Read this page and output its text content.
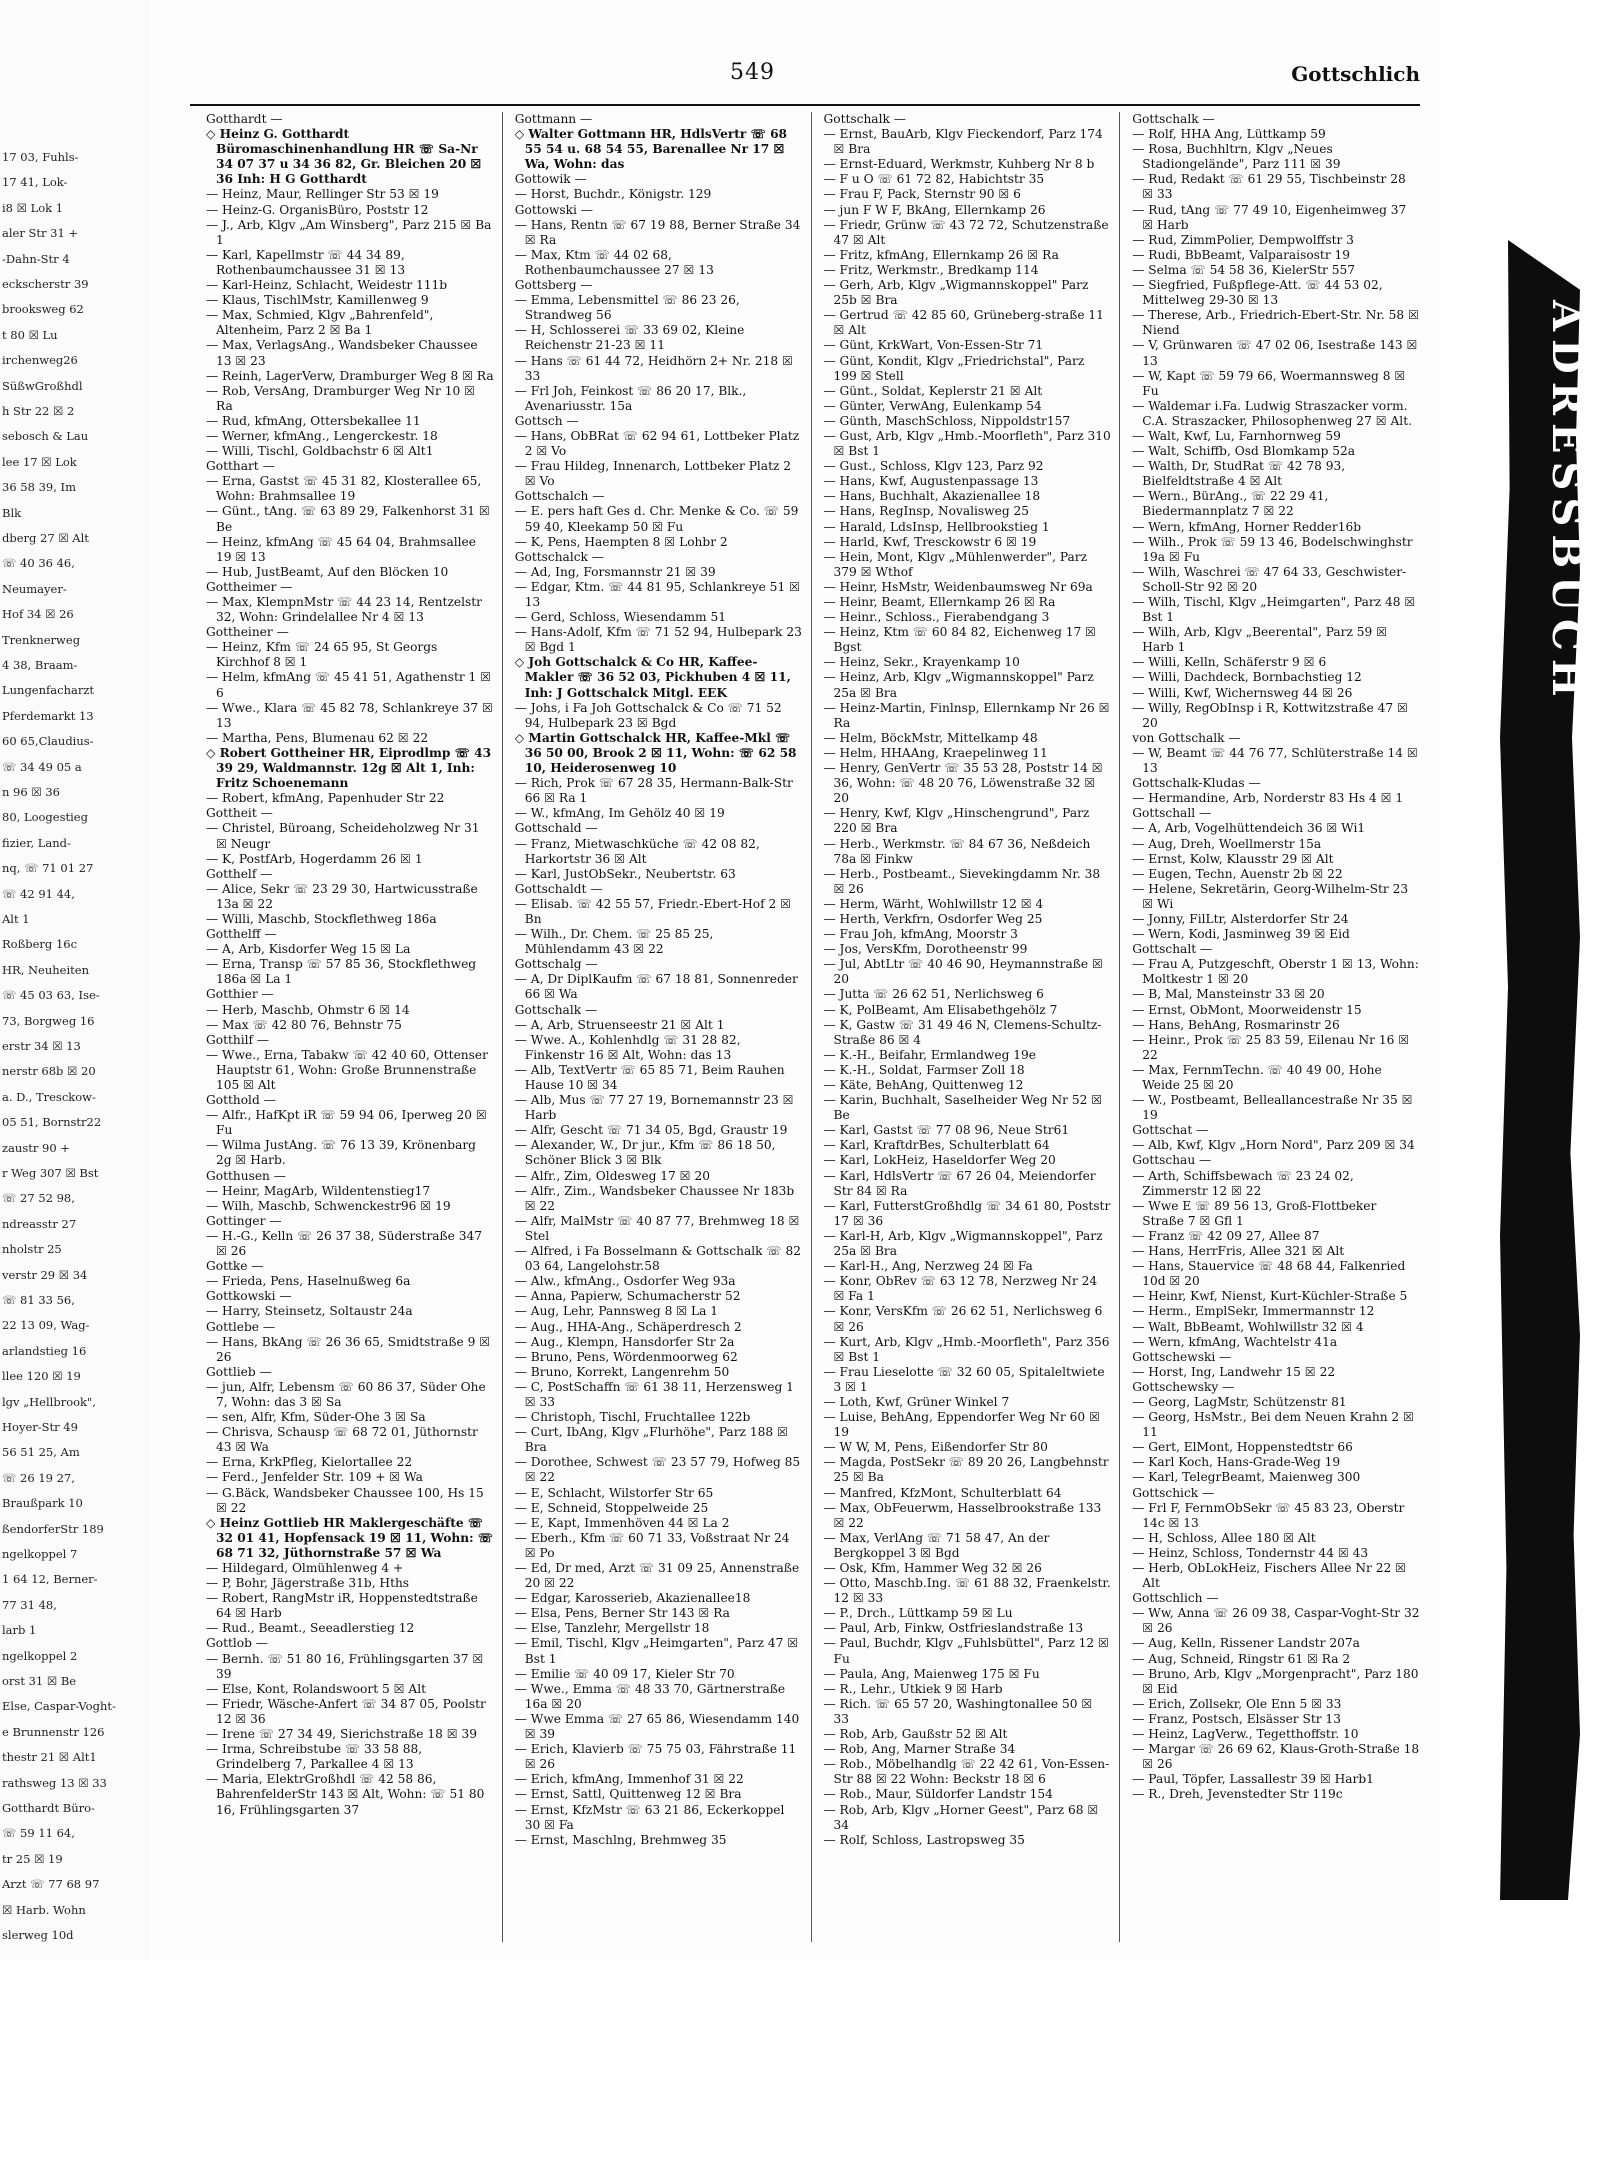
17 03, Fuhls-
17 41, Lok-
i8 ☒ Lok 1
aler Str 31 +
-Dahn-Str 4
eckscherstr 39
brooksweg 62
t 80 ☒ Lu
irchenweg26
SüßwGroßhdl
h Str 22 ☒ 2
sebosch & Lau
lee 17 ☒ Lok
36 58 39, Im
Blk
dberg 27 ☒ Alt
☏ 40 36 46,
Neumayer-
Hof 34 ☒ 26
Trenknerweg
4 38, Braam-
Lungenfacharzt
Pferdemarkt 13
60 65,Claudius-
☏ 34 49 05 a
n 96 ☒ 36
80, Loogestieg
fizier, Land-
nq, ☏ 71 01 27
☏ 42 91 44,
Alt 1
Roßberg 16c
HR, Neuheiten
☏ 45 03 63, Ise-
73, Borgweg 16
erstr 34 ☒ 13
nerstr 68b ☒ 20
a. D., Tresckow-
05 51, Bornstr22
zaustr 90 +
r Weg 307 ☒ Bst
☏ 27 52 98,
ndreasstr 27
nholstr 25
verstr 29 ☒ 34
☏ 81 33 56,
22 13 09, Wag-
arlandstieg 16
llee 120 ☒ 19
lgv „Hellbrook",
Hoyer-Str 49
56 51 25, Am
☏ 26 19 27,
Braußpark 10
ßendorferStr 189
ngelkoppel 7
1 64 12, Berner-
77 31 48,
larb 1
ngelkoppel 2
orst 31 ☒ Be
Else, Caspar-Voght-
e Brunnenstr 126
thestr 21 ☒ Alt1
rathsweg 13 ☒ 33
Gotthardt Büro-
☏ 59 11 64,
tr 25 ☒ 19
Arzt ☏ 77 68 97
☒ Harb. Wohn
slerweg 10d
549	Gottschlich

Gotthardt —

◇ Heinz G. Gotthardt Büromaschinenhandlung HR ☏ Sa-Nr 34 07 37 u 34 36 82, Gr. Bleichen 20 ☒ 36 Inh: H G Gotthardt

— Heinz, Maur, Rellinger Str 53 ☒ 19

— Heinz-G. OrganisBüro, Poststr 12

— J., Arb, Klgv „Am Winsberg", Parz 215 ☒ Ba 1

— Karl, Kapellmstr ☏ 44 34 89, Rothenbaumchaussee 31 ☒ 13

— Karl-Heinz, Schlacht, Weidestr 111b

— Klaus, TischlMstr, Kamillenweg 9

— Max, Schmied, Klgv „Bahrenfeld", Altenheim, Parz 2 ☒ Ba 1

— Max, VerlagsAng., Wandsbeker Chaussee 13 ☒ 23

— Reinh, LagerVerw, Dramburger Weg 8 ☒ Ra

— Rob, VersAng, Dramburger Weg Nr 10 ☒ Ra

— Rud, kfmAng, Ottersbekallee 11

— Werner, kfmAng., Lengerckestr. 18

— Willi, Tischl, Goldbachstr 6 ☒ Alt1

Gotthart —

— Erna, Gastst ☏ 45 31 82, Klosterallee 65, Wohn: Brahmsallee 19

— Günt., tAng. ☏ 63 89 29, Falkenhorst 31 ☒ Be

— Heinz, kfmAng ☏ 45 64 04, Brahmsallee 19 ☒ 13

— Hub, JustBeamt, Auf den Blöcken 10

Gottheimer —

— Max, KlempnMstr ☏ 44 23 14, Rentzelstr 32, Wohn: Grindelallee Nr 4 ☒ 13

Gottheiner —

— Heinz, Kfm ☏ 24 65 95, St Georgs Kirchhof 8 ☒ 1

— Helm, kfmAng ☏ 45 41 51, Agathenstr 1 ☒ 6

— Wwe., Klara ☏ 45 82 78, Schlankreye 37 ☒ 13

— Martha, Pens, Blumenau 62 ☒ 22

◇ Robert Gottheiner HR, Eiprodlmp ☏ 43 39 29, Waldmannstr. 12g ☒ Alt 1, Inh: Fritz Schoenemann

— Robert, kfmAng, Papenhuder Str 22

Gottheit —

— Christel, Büroang, Scheideholzweg Nr 31 ☒ Neugr

— K, PostfArb, Hogerdamm 26 ☒ 1

Gotthelf —

— Alice, Sekr ☏ 23 29 30, Hartwicusstraße 13a ☒ 22

— Willi, Maschb, Stockflethweg 186a

Gotthelff —

— A, Arb, Kisdorfer Weg 15 ☒ La

— Erna, Transp ☏ 57 85 36, Stockflethweg 186a ☒ La 1

Gotthier —

— Herb, Maschb, Ohmstr 6 ☒ 14

— Max ☏ 42 80 76, Behnstr 75

Gotthilf —

— Wwe., Erna, Tabakw ☏ 42 40 60, Ottenser Hauptstr 61, Wohn: Große Brunnenstraße 105 ☒ Alt

Gotthold —

— Alfr., HafKpt iR ☏ 59 94 06, Iperweg 20 ☒ Fu

— Wilma JustAng. ☏ 76 13 39, Krönenbarg 2g ☒ Harb.

Gotthusen —

— Heinr, MagArb, Wildentenstieg17

— Wilh, Maschb, Schwenckestr96 ☒ 19

Gottinger —

— H.-G., Kelln ☏ 26 37 38, Süderstraße 347 ☒ 26

Gottke —

— Frieda, Pens, Haselnußweg 6a

Gottkowski —

— Harry, Steinsetz, Soltaustr 24a

Gottlebe —

— Hans, BkAng ☏ 26 36 65, Smidtstraße 9 ☒ 26

Gottlieb —

— jun, Alfr, Lebensm ☏ 60 86 37, Süder Ohe 7, Wohn: das 3 ☒ Sa

— sen, Alfr, Kfm, Süder-Ohe 3 ☒ Sa

— Chrisva, Schausp ☏ 68 72 01, Jüthornstr 43 ☒ Wa

— Erna, KrkPfleg, Kielortallee 22

— Ferd., Jenfelder Str. 109 + ☒ Wa

— G.Bäck, Wandsbeker Chaussee 100, Hs 15 ☒ 22

◇ Heinz Gottlieb HR Maklergeschäfte ☏ 32 01 41, Hopfensack 19 ☒ 11, Wohn: ☏ 68 71 32, Jüthornstraße 57 ☒ Wa

— Hildegard, Olmühlenweg 4 +

— P, Bohr, Jägerstraße 31b, Hths

— Robert, RangMstr iR, Hoppenstedtstraße 64 ☒ Harb

— Rud., Beamt., Seeadlerstieg 12

Gottlob —

— Bernh. ☏ 51 80 16, Frühlingsgarten 37 ☒ 39

— Else, Kont, Rolandswoort 5 ☒ Alt

— Friedr, Wäsche-Anfert ☏ 34 87 05, Poolstr 12 ☒ 36

— Irene ☏ 27 34 49, Sierichstraße 18 ☒ 39

— Irma, Schreibstube ☏ 33 58 88, Grindelberg 7, Parkallee 4 ☒ 13

— Maria, ElektrGroßhdl ☏ 42 58 86, BahrenfelderStr 143 ☒ Alt, Wohn: ☏ 51 80 16, Frühlingsgarten 37

Gottmann —

◇ Walter Gottmann HR, HdlsVertr ☏ 68 55 54 u. 68 54 55, Barenallee Nr 17 ☒ Wa, Wohn: das

Gottowik —

— Horst, Buchdr., Königstr. 129

Gottowski —

— Hans, Rentn ☏ 67 19 88, Berner Straße 34 ☒ Ra

— Max, Ktm ☏ 44 02 68, Rothenbaumchaussee 27 ☒ 13

Gottsberg —

— Emma, Lebensmittel ☏ 86 23 26, Strandweg 56

— H, Schlosserei ☏ 33 69 02, Kleine Reichenstr 21-23 ☒ 11

— Hans ☏ 61 44 72, Heidhörn 2+ Nr. 218 ☒ 33

— Frl Joh, Feinkost ☏ 86 20 17, Blk., Avenariusstr. 15a

Gottsch —

— Hans, ObBRat ☏ 62 94 61, Lottbeker Platz 2 ☒ Vo

— Frau Hildeg, Innenarch, Lottbeker Platz 2 ☒ Vo

Gottschalch —

— E. pers haft Ges d. Chr. Menke & Co. ☏ 59 59 40, Kleekamp 50 ☒ Fu

— K, Pens, Haempten 8 ☒ Lohbr 2

Gottschalck —

— Ad, Ing, Forsmannstr 21 ☒ 39

— Edgar, Ktm. ☏ 44 81 95, Schlankreye 51 ☒ 13

— Gerd, Schloss, Wiesendamm 51

— Hans-Adolf, Kfm ☏ 71 52 94, Hulbepark 23 ☒ Bgd 1

◇ Joh Gottschalck & Co HR, Kaffee-Makler ☏ 36 52 03, Pickhuben 4 ☒ 11, Inh: J Gottschalck Mitgl. EEK

— Johs, i Fa Joh Gottschalck & Co ☏ 71 52 94, Hulbepark 23 ☒ Bgd

◇ Martin Gottschalck HR, Kaffee-Mkl ☏ 36 50 00, Brook 2 ☒ 11, Wohn: ☏ 62 58 10, Heiderosenweg 10

— Rich, Prok ☏ 67 28 35, Hermann-Balk-Str 66 ☒ Ra 1

— W., kfmAng, Im Gehölz 40 ☒ 19

Gottschald —

— Franz, Mietwaschküche ☏ 42 08 82, Harkortstr 36 ☒ Alt

— Karl, JustObSekr., Neubertstr. 63

Gottschaldt —

— Elisab. ☏ 42 55 57, Friedr.-Ebert-Hof 2 ☒ Bn

— Wilh., Dr. Chem. ☏ 25 85 25, Mühlendamm 43 ☒ 22

Gottschalg —

— A, Dr DiplKaufm ☏ 67 18 81, Sonnenreder 66 ☒ Wa

Gottschalk —

— A, Arb, Struenseestr 21 ☒ Alt 1

— Wwe. A., Kohlenhdlg ☏ 31 28 82, Finkenstr 16 ☒ Alt, Wohn: das 13

— Alb, TextVertr ☏ 65 85 71, Beim Rauhen Hause 10 ☒ 34

— Alb, Mus ☏ 77 27 19, Bornemannstr 23 ☒ Harb

— Alfr, Gescht ☏ 71 34 05, Bgd, Graustr 19

— Alexander, W., Dr jur., Kfm ☏ 86 18 50, Schöner Blick 3 ☒ Blk

— Alfr., Zim, Oldesweg 17 ☒ 20

— Alfr., Zim., Wandsbeker Chaussee Nr 183b ☒ 22

— Alfr, MalMstr ☏ 40 87 77, Brehmweg 18 ☒ Stel

— Alfred, i Fa Bosselmann & Gottschalk ☏ 82 03 64, Langelohstr.58

— Alw., kfmAng., Osdorfer Weg 93a

— Anna, Papierw, Schumacherstr 52

— Aug, Lehr, Pannsweg 8 ☒ La 1

— Aug., HHA-Ang., Schäperdresch 2

— Aug., Klempn, Hansdorfer Str 2a

— Bruno, Pens, Wördenmoorweg 62

— Bruno, Korrekt, Langenrehm 50

— C, PostSchaffn ☏ 61 38 11, Herzensweg 1 ☒ 33

— Christoph, Tischl, Fruchtallee 122b

— Curt, IbAng, Klgv „Flurhöhe", Parz 188 ☒ Bra

— Dorothee, Schwest ☏ 23 57 79, Hofweg 85 ☒ 22

— E, Schlacht, Wilstorfer Str 65

— E, Schneid, Stoppelweide 25

— E, Kapt, Immenhöven 44 ☒ La 2

— Eberh., Kfm ☏ 60 71 33, Voßstraat Nr 24 ☒ Po

— Ed, Dr med, Arzt ☏ 31 09 25, Annenstraße 20 ☒ 22

— Edgar, Karosserieb, Akazienallee18

— Elsa, Pens, Berner Str 143 ☒ Ra

— Else, Tanzlehr, Mergellstr 18

— Emil, Tischl, Klgv „Heimgarten", Parz 47 ☒ Bst 1

— Emilie ☏ 40 09 17, Kieler Str 70

— Wwe., Emma ☏ 48 33 70, Gärtnerstraße 16a ☒ 20

— Wwe Emma ☏ 27 65 86, Wiesendamm 140 ☒ 39

— Erich, Klavierb ☏ 75 75 03, Fährstraße 11 ☒ 26

— Erich, kfmAng, Immenhof 31 ☒ 22

— Ernst, Sattl, Quittenweg 12 ☒ Bra

— Ernst, KfzMstr ☏ 63 21 86, Eckerkoppel 30 ☒ Fa

— Ernst, Maschlng, Brehmweg 35

Gottschalk —

— Ernst, BauArb, Klgv Fieckendorf, Parz 174 ☒ Bra

— Ernst-Eduard, Werkmstr, Kuhberg Nr 8 b

— F u O ☏ 61 72 82, Habichtstr 35

— Frau F, Pack, Sternstr 90 ☒ 6

— jun F W F, BkAng, Ellernkamp 26

— Friedr, Grünw ☏ 43 72 72, Schutzenstraße 47 ☒ Alt

— Fritz, kfmAng, Ellernkamp 26 ☒ Ra

— Fritz, Werkmstr., Bredkamp 114

— Gerh, Arb, Klgv „Wigmannskoppel" Parz 25b ☒ Bra

— Gertrud ☏ 42 85 60, Grüneberg-straße 11 ☒ Alt

— Günt, KrkWart, Von-Essen-Str 71

— Günt, Kondit, Klgv „Friedrichstal", Parz 199 ☒ Stell

— Günt., Soldat, Keplerstr 21 ☒ Alt

— Günter, VerwAng, Eulenkamp 54

— Günth, MaschSchloss, Nippoldstr157

— Gust, Arb, Klgv „Hmb.-Moorfleth", Parz 310 ☒ Bst 1

— Gust., Schloss, Klgv 123, Parz 92

— Hans, Kwf, Augustenpassage 13

— Hans, Buchhalt, Akazienallee 18

— Hans, RegInsp, Novalisweg 25

— Harald, LdsInsp, Hellbrookstieg 1

— Harld, Kwf, Tresckowstr 6 ☒ 19

— Hein, Mont, Klgv „Mühlenwerder", Parz 379 ☒ Wthof

— Heinr, HsMstr, Weidenbaumsweg Nr 69a

— Heinr, Beamt, Ellernkamp 26 ☒ Ra

— Heinr., Schloss., Fierabendgang 3

— Heinz, Ktm ☏ 60 84 82, Eichenweg 17 ☒ Bgst

— Heinz, Sekr., Krayenkamp 10

— Heinz, Arb, Klgv „Wigmannskoppel" Parz 25a ☒ Bra

— Heinz-Martin, Finlnsp, Ellernkamp Nr 26 ☒ Ra

— Helm, BöckMstr, Mittelkamp 48

— Helm, HHAAng, Kraepelinweg 11

— Henry, GenVertr ☏ 35 53 28, Poststr 14 ☒ 36, Wohn: ☏ 48 20 76, Löwenstraße 32 ☒ 20

— Henry, Kwf, Klgv „Hinschengrund", Parz 220 ☒ Bra

— Herb., Werkmstr. ☏ 84 67 36, Neßdeich 78a ☒ Finkw

— Herb., Postbeamt., Sievekingdamm Nr. 38 ☒ 26

— Herm, Wärht, Wohlwillstr 12 ☒ 4

— Herth, Verkfrn, Osdorfer Weg 25

— Frau Joh, kfmAng, Moorstr 3

— Jos, VersKfm, Dorotheenstr 99

— Jul, AbtLtr ☏ 40 46 90, Heymannstraße ☒ 20

— Jutta ☏ 26 62 51, Nerlichsweg 6

— K, PolBeamt, Am Elisabethgehölz 7

— K, Gastw ☏ 31 49 46 N, Clemens-Schultz-Straße 86 ☒ 4

— K.-H., Beifahr, Ermlandweg 19e

— K.-H., Soldat, Farmser Zoll 18

— Käte, BehAng, Quittenweg 12

— Karin, Buchhalt, Saselheider Weg Nr 52 ☒ Be

— Karl, Gastst ☏ 77 08 96, Neue Str61

— Karl, KraftdrBes, Schulterblatt 64

— Karl, LokHeiz, Haseldorfer Weg 20

— Karl, HdlsVertr ☏ 67 26 04, Meiendorfer Str 84 ☒ Ra

— Karl, FutterstGroßhdlg ☏ 34 61 80, Poststr 17 ☒ 36

— Karl-H, Arb, Klgv „Wigmannskoppel", Parz 25a ☒ Bra

— Karl-H., Ang, Nerzweg 24 ☒ Fa

— Konr, ObRev ☏ 63 12 78, Nerzweg Nr 24 ☒ Fa 1

— Konr, VersKfm ☏ 26 62 51, Nerlichsweg 6 ☒ 26

— Kurt, Arb, Klgv „Hmb.-Moorfleth", Parz 356 ☒ Bst 1

— Frau Lieselotte ☏ 32 60 05, Spitaleltwiete 3 ☒ 1

— Loth, Kwf, Grüner Winkel 7

— Luise, BehAng, Eppendorfer Weg Nr 60 ☒ 19

— W W, M, Pens, Eißendorfer Str 80

— Magda, PostSekr ☏ 89 20 26, Langbehnstr 25 ☒ Ba

— Manfred, KfzMont, Schulterblatt 64

— Max, ObFeuerwm, Hasselbrookstraße 133 ☒ 22

— Max, VerlAng ☏ 71 58 47, An der Bergkoppel 3 ☒ Bgd

— Osk, Kfm, Hammer Weg 32 ☒ 26

— Otto, Maschb.Ing. ☏ 61 88 32, Fraenkelstr. 12 ☒ 33

— P., Drch., Lüttkamp 59 ☒ Lu

— Paul, Arb, Finkw, Ostfrieslandstraße 13

— Paul, Buchdr, Klgv „Fuhlsbüttel", Parz 12 ☒ Fu

— Paula, Ang, Maienweg 175 ☒ Fu

— R., Lehr., Utkiek 9 ☒ Harb

— Rich. ☏ 65 57 20, Washingtonallee 50 ☒ 33

— Rob, Arb, Gaußstr 52 ☒ Alt

— Rob, Ang, Marner Straße 34

— Rob., Möbelhandlg ☏ 22 42 61, Von-Essen-Str 88 ☒ 22 Wohn: Beckstr 18 ☒ 6

— Rob., Maur, Süldorfer Landstr 154

— Rob, Arb, Klgv „Horner Geest", Parz 68 ☒ 34

— Rolf, Schloss, Lastropsweg 35

Gottschalk —

— Rolf, HHA Ang, Lüttkamp 59

— Rosa, Buchhltrn, Klgv „Neues Stadiongelände", Parz 111 ☒ 39

— Rud, Redakt ☏ 61 29 55, Tischbeinstr 28 ☒ 33

— Rud, tAng ☏ 77 49 10, Eigenheimweg 37 ☒ Harb

— Rud, ZimmPolier, Dempwolffstr 3

— Rudi, BbBeamt, Valparaisostr 19

— Selma ☏ 54 58 36, KielerStr 557

— Siegfried, Fußpflege-Att. ☏ 44 53 02, Mittelweg 29-30 ☒ 13

— Therese, Arb., Friedrich-Ebert-Str. Nr. 58 ☒ Niend

— V, Grünwaren ☏ 47 02 06, Isestraße 143 ☒ 13

— W, Kapt ☏ 59 79 66, Woermannsweg 8 ☒ Fu

— Waldemar i.Fa. Ludwig Straszacker vorm. C.A. Straszacker, Philosophenweg 27 ☒ Alt.

— Walt, Kwf, Lu, Farnhornweg 59

— Walt, Schiffb, Osd Blomkamp 52a

— Walth, Dr, StudRat ☏ 42 78 93, Bielfeldtstraße 4 ☒ Alt

— Wern., BürAng., ☏ 22 29 41, Biedermannplatz 7 ☒ 22

— Wern, kfmAng, Horner Redder16b

— Wilh., Prok ☏ 59 13 46, Bodelschwinghstr 19a ☒ Fu

— Wilh, Waschrei ☏ 47 64 33, Geschwister-Scholl-Str 92 ☒ 20

— Wilh, Tischl, Klgv „Heimgarten", Parz 48 ☒ Bst 1

— Wilh, Arb, Klgv „Beerental", Parz 59 ☒ Harb 1

— Willi, Kelln, Schäferstr 9 ☒ 6

— Willi, Dachdeck, Bornbachstieg 12

— Willi, Kwf, Wichernsweg 44 ☒ 26

— Willy, RegObInsp i R, Kottwitzstraße 47 ☒ 20

von Gottschalk —

— W, Beamt ☏ 44 76 77, Schlüterstraße 14 ☒ 13

Gottschalk-Kludas —

— Hermandine, Arb, Norderstr 83 Hs 4 ☒ 1

Gottschall —

— A, Arb, Vogelhüttendeich 36 ☒ Wi1

— Aug, Dreh, Woellmerstr 15a

— Ernst, Kolw, Klausstr 29 ☒ Alt

— Eugen, Techn, Auenstr 2b ☒ 22

— Helene, Sekretärin, Georg-Wilhelm-Str 23 ☒ Wi

— Jonny, FilLtr, Alsterdorfer Str 24

— Wern, Kodi, Jasminweg 39 ☒ Eid

Gottschalt —

— Frau A, Putzgeschft, Oberstr 1 ☒ 13, Wohn: Moltkestr 1 ☒ 20

— B, Mal, Mansteinstr 33 ☒ 20

— Ernst, ObMont, Moorweidenstr 15

— Hans, BehAng, Rosmarinstr 26

— Heinr., Prok ☏ 25 83 59, Eilenau Nr 16 ☒ 22

— Max, FernmTechn. ☏ 40 49 00, Hohe Weide 25 ☒ 20

— W., Postbeamt, Belleallancestraße Nr 35 ☒ 19

Gottschat —

— Alb, Kwf, Klgv „Horn Nord", Parz 209 ☒ 34

Gottschau —

— Arth, Schiffsbewach ☏ 23 24 02, Zimmerstr 12 ☒ 22

— Wwe E ☏ 89 56 13, Groß-Flottbeker Straße 7 ☒ Gfl 1

— Franz ☏ 42 09 27, Allee 87

— Hans, HerrFris, Allee 321 ☒ Alt

— Hans, Stauervice ☏ 48 68 44, Falkenried 10d ☒ 20

— Heinr, Kwf, Nienst, Kurt-Küchler-Straße 5

— Herm., EmplSekr, Immermannstr 12

— Walt, BbBeamt, Wohlwillstr 32 ☒ 4

— Wern, kfmAng, Wachtelstr 41a

Gottschewski —

— Horst, Ing, Landwehr 15 ☒ 22

Gottschewsky —

— Georg, LagMstr, Schützenstr 81

— Georg, HsMstr., Bei dem Neuen Krahn 2 ☒ 11

— Gert, ElMont, Hoppenstedtstr 66

— Karl Koch, Hans-Grade-Weg 19

— Karl, TelegrBeamt, Maienweg 300

Gottschick —

— Frl F, FernmObSekr ☏ 45 83 23, Oberstr 14c ☒ 13

— H, Schloss, Allee 180 ☒ Alt

— Heinz, Schloss, Tondernstr 44 ☒ 43

— Herb, ObLokHeiz, Fischers Allee Nr 22 ☒ Alt

Gottschlich —

— Ww, Anna ☏ 26 09 38, Caspar-Voght-Str 32 ☒ 26

— Aug, Kelln, Rissener Landstr 207a

— Aug, Schneid, Ringstr 61 ☒ Ra 2

— Bruno, Arb, Klgv „Morgenpracht", Parz 180 ☒ Eid

— Erich, Zollsekr, Ole Enn 5 ☒ 33

— Franz, Postsch, Elsässer Str 13

— Heinz, LagVerw., Tegetthoffstr. 10

— Margar ☏ 26 69 62, Klaus-Groth-Straße 18 ☒ 26

— Paul, Töpfer, Lassallestr 39 ☒ Harb1

— R., Dreh, Jevenstedter Str 119c

ADRESSBUCH
